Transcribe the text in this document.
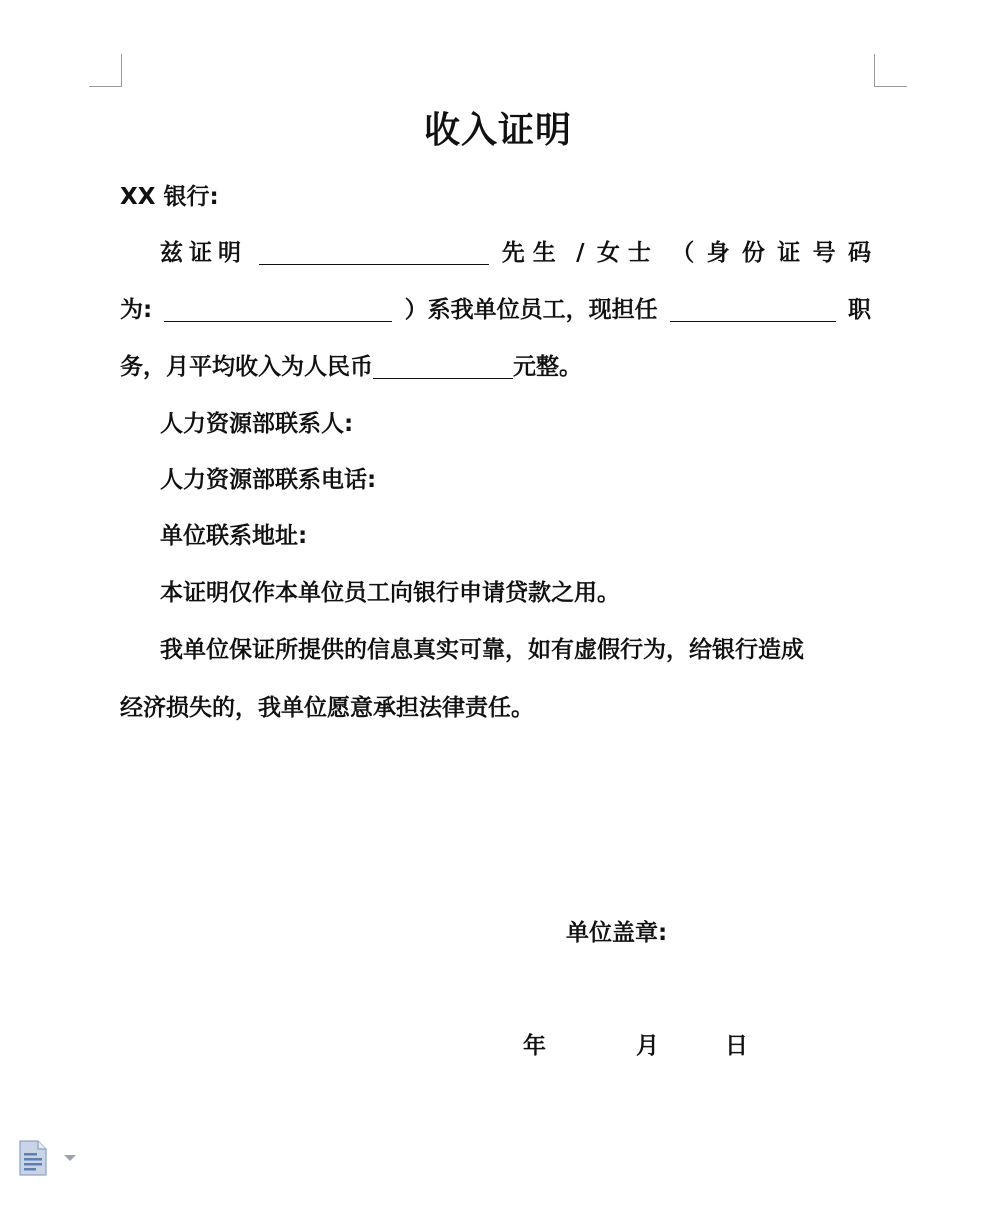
收入证明
XX 银行:
兹证明	先生 / 女士 （ 身 份 证 号 码
为:	）系我单位员工，现担任	职
务，月平均收入为人民币	元整。
人力资源部联系人:
人力资源部联系电话:
单位联系地址:
本证明仅作本单位员工向银行申请贷款之用。
我单位保证所提供的信息真实可靠，如有虚假行为，给银行造成
经济损失的，我单位愿意承担法律责任。
单位盖章:
年	月	日
